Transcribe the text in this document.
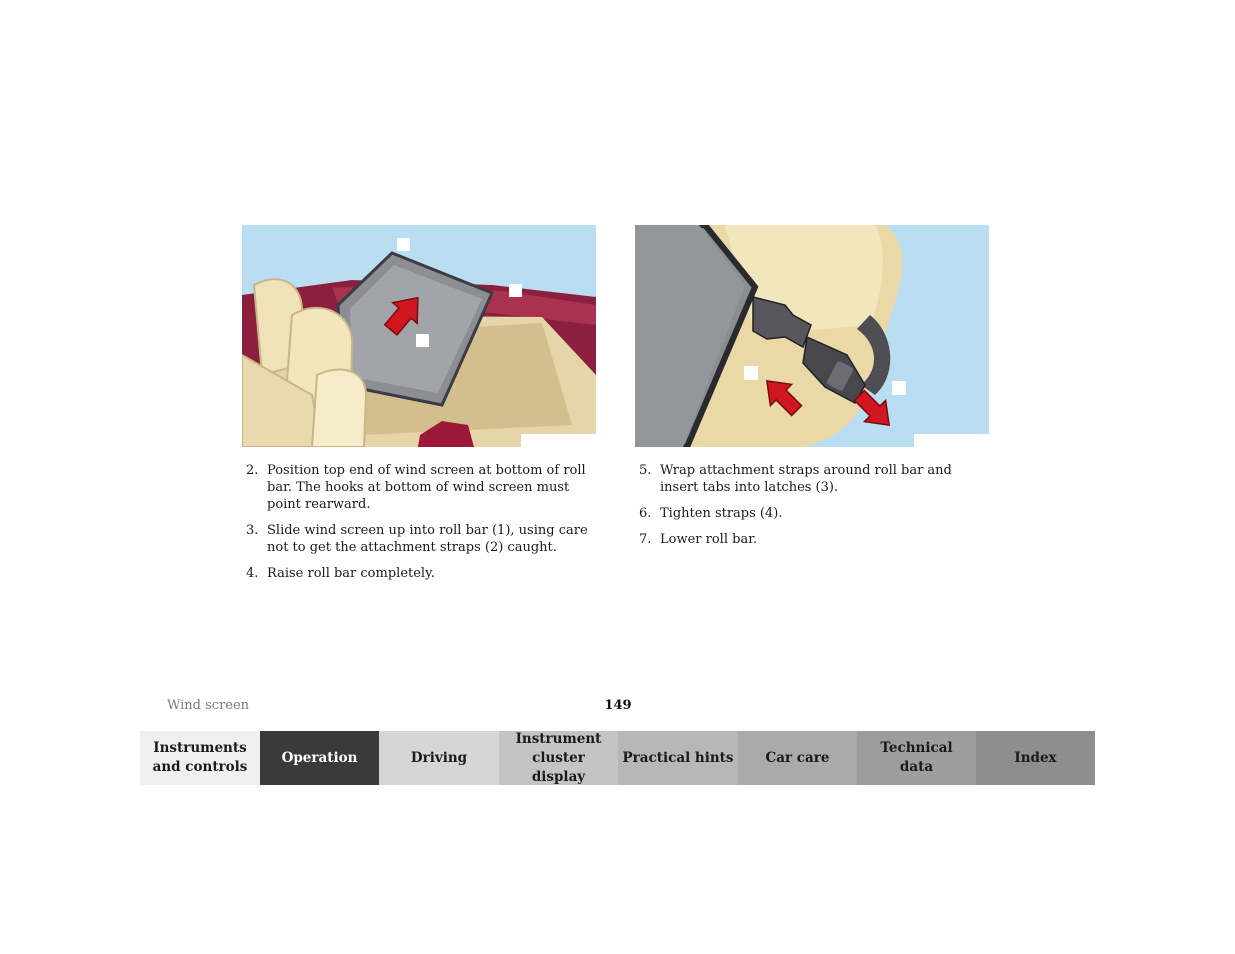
2. Position top end of wind screen at bottom of roll bar. The hooks at bottom of wind screen must point rearward.
3. Slide wind screen up into roll bar (1), using care not to get the attachment straps (2) caught.
4. Raise roll bar completely.
5. Wrap attachment straps around roll bar and insert tabs into latches (3).
6. Tighten straps (4).
7. Lower roll bar.
Wind screen	149
Instruments and controls
Operation	Driving
Instrument cluster display
Practical hints Car care
Technical data
Index
